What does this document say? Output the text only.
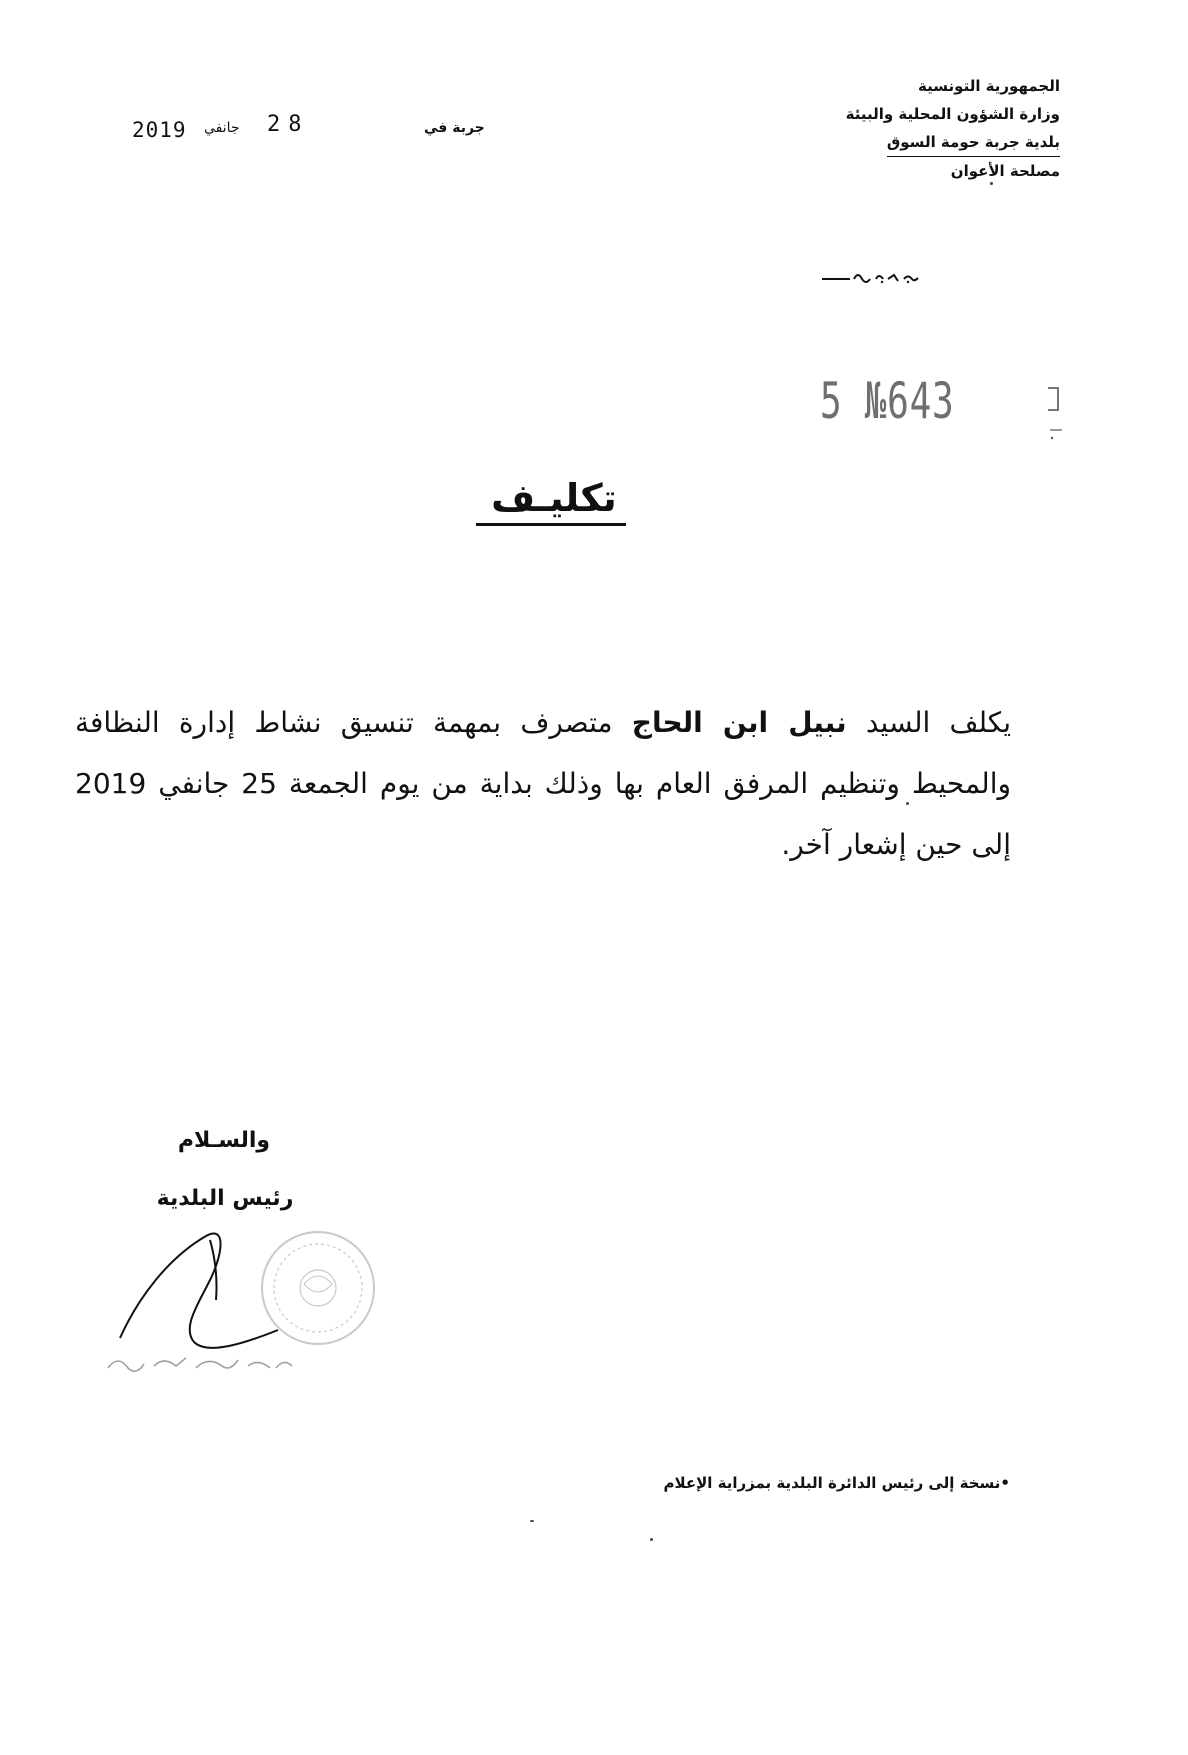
الجمهورية التونسية
وزارة الشؤون المحلية والبيئة
بلدية جربة حومة السوق
مصلحة الأعوان
2019 جانفي 28	جربة في
5 №643
تكليـف
يكلف السيد نبيل ابن الحاج متصرف بمهمة تنسيق نشاط إدارة النظافة والمحيط وتنظيم المرفق العام بها وذلك بداية من يوم الجمعة 25 جانفي 2019 إلى حين إشعار آخر.
والسـلام
رئيس البلدية
•نسخة إلى رئيس الدائرة البلدية بمزراية الإعلام
